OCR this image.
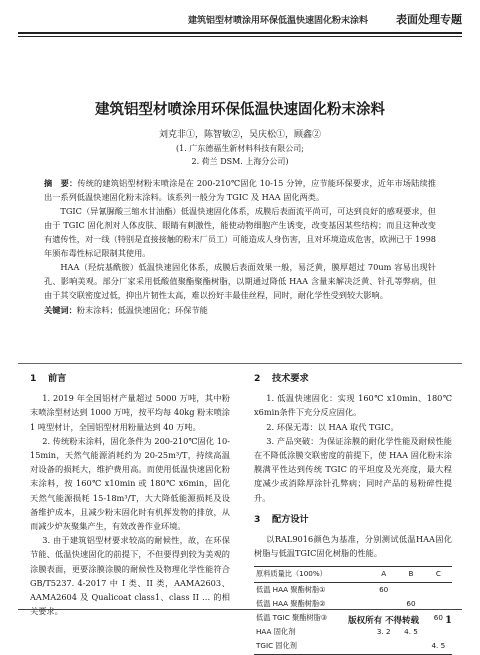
建筑铝型材喷涂用环保低温快速固化粉末涂料	表面处理专题
建筑铝型材喷涂用环保低温快速固化粉末涂料
刘克非①，陈智敏②，吴庆松①，顾鑫②
(1. 广东德福生新材料科技有限公司;
2. 荷兰 DSM. 上海分公司)

摘　要：传统的建筑铝型材粉末喷涂是在 200-210℃固化 10-15 分钟，应节能环保要求，近年市场陆续推出一系列低温快速固化粉末涂料。该系列一般分为 TGIC 及 HAA 固化两类。

TGIC（异氰脲酸三缩水甘油酯）低温快速固化体系，成膜后表面流平尚可，可达到良好的感观要求，但由于 TGIC 固化剂对人体皮肤、眼睛有刺激性，能使动物细胞产生诱变，改变基因某些结构；而且这种改变有遗传性，对一线（特别是直接接触的粉末厂员工）可能造成人身伤害，且对环境造成危害，欧洲已于 1998 年颁布毒性标记限制其使用。

HAA（羟烷基酰胺）低温快速固化体系，成膜后表面效果一般，易泛黄，膜厚超过 70um 容易出现针孔、影响美观。部分厂家采用低酸值聚酯聚酯树脂，以期通过降低 HAA 含量来解决泛黄、针孔等弊病，但由于其交联密度过低，抑出片韧性太高，难以扮好丰最佳丝程，同时，耐化学性受到较大影响。

关键词：粉末涂料；低温快速固化；环保节能
1 前言

1. 2019 年全国铝材产量超过 5000 万吨，其中粉末喷涂型材达到 1000 万吨，按平均每 40kg 粉末喷涂 1 吨型材计，全国铝型材用粉量达到 40 万吨。

2. 传统粉末涂料，固化条件为 200-210℃固化 10-15min，天然气能源消耗约为 20-25m³/T，持续高温对设备的损耗大，维护费用高。而使用低温快速固化粉末涂料，按 160℃ x10min 或 180℃ x6min，固化天然气能源损耗 15-18m³/T，大大降低能源损耗及设备维护成本，且减少粉末固化时有机挥发物的排放，从而减少炉灰聚集产生，有效改善作业环境。

3. 由于建筑铝型材要求较高的耐候性，故，在环保节能、低温快速固化的前提下，不但要得到较为美观的涂膜表面，更要涂膜涂膜的耐候性及物理化学性能符合 GB/T5237. 4-2017 中 I 类、II 类，AAMA2603、AAMA2604 及 Qualicoat class1、class II … 的相关要求。

2 技术要求

1. 低温快速固化：实现 160℃ x10min、180℃ x6min条件下充分反应固化。

2. 环保无毒：以 HAA 取代 TGIC。

3. 产品突破：为保证涂膜的耐化学性能及耐候性能在不降低涂膜交联密度的前提下，使 HAA 固化粉末涂膜满平性达到传统 TGIC 的平坦度及光亮度，最大程度减少或消除厚涂针孔弊病；同时产品的易粉碎性提升。

3 配方设计

以RAL9016颜色为基准，分别测试低温HAA固化树脂与低温TGIC固化树脂的性能。

原料质量比（100%）	A	B	C
低温 HAA 聚酯树脂①	60		
低温 HAA 聚酯树脂②		60	
低温 TGIC 聚酯树脂③			60
HAA 固化剂	3. 2	4. 5	
TGIC 固化剂			4. 5
版权所有 不得转载	1
